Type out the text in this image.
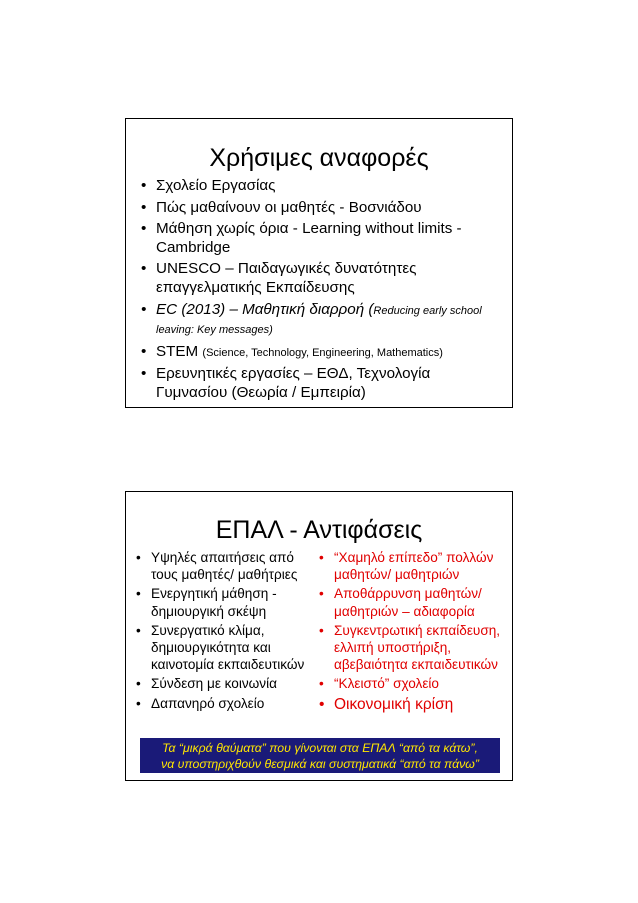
Χρήσιμες αναφορές
• Σχολείο Εργασίας
• Πώς μαθαίνουν οι μαθητές - Βοσνιάδου
• Μάθηση χωρίς όρια - Learning without limits - Cambridge
• UNESCO – Παιδαγωγικές δυνατότητες επαγγελματικής Εκπαίδευσης
• EC (2013) – Μαθητική διαρροή (Reducing early school leaving: Key messages)
• STEM (Science, Technology, Engineering, Mathematics)
• Ερευνητικές εργασίες – ΕΘΔ, Τεχνολογία Γυμνασίου (Θεωρία / Εμπειρία)
ΕΠΑΛ - Αντιφάσεις
• Υψηλές απαιτήσεις από τους μαθητές/ μαθήτριες
• Ενεργητική μάθηση - δημιουργική σκέψη
• Συνεργατικό κλίμα, δημιουργικότητα και καινοτομία εκπαιδευτικών
• Σύνδεση με κοινωνία
• Δαπανηρό σχολείο
• “Χαμηλό επίπεδο” πολλών μαθητών/ μαθητριών
• Αποθάρρυνση μαθητών/ μαθητριών – αδιαφορία
• Συγκεντρωτική εκπαίδευση, ελλιπή υποστήριξη, αβεβαιότητα εκπαιδευτικών
• “Κλειστό” σχολείο
• Οικονομική κρίση
Τα “μικρά θαύματα” που γίνονται στα ΕΠΑΛ “από τα κάτω”,
να υποστηριχθούν θεσμικά και συστηματικά “από τα πάνω”
